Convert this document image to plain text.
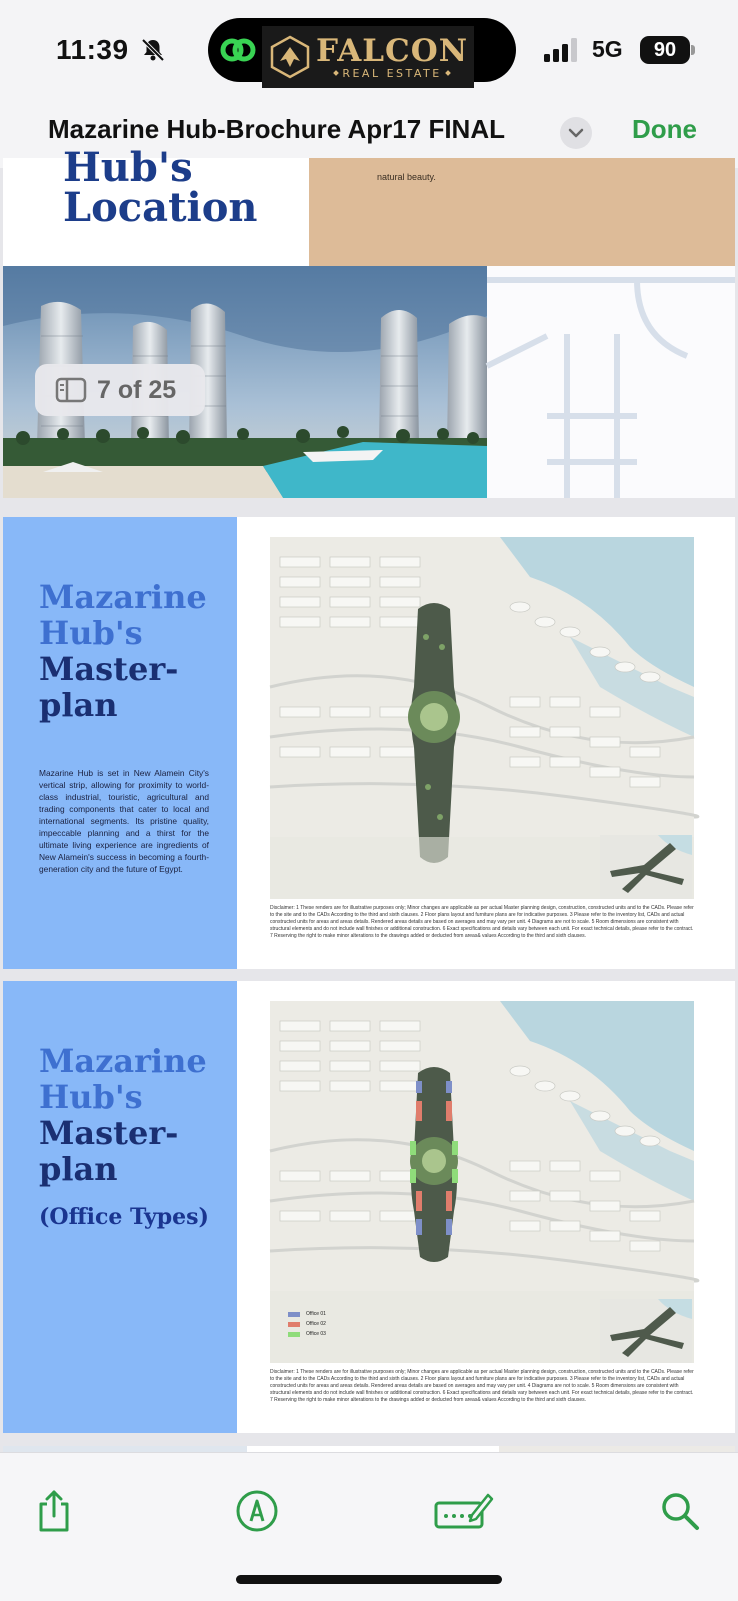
11:39	FALCON
REAL ESTATE
5G 90
Mazarine Hub-Brochure Apr17 FINAL	Done
Hub's
Location
natural beauty.
7 of 25
Mazarine
Hub's
Master-
plan
Mazarine Hub is set in New Alamein City's vertical strip, allowing for proximity to world-class industrial, touristic, agricultural and trading components that cater to local and international segments. Its pristine quality, impeccable planning and a thirst for the ultimate living experience are ingredients of New Alamein's success in becoming a fourth-generation city and the future of Egypt.
Disclaimer: 1 These renders are for illustrative purposes only; Minor changes are applicable as per actual Master planning design, construction, constructed units and to the CADs. Please refer to the site and to the CADs According to the third and sixth clauses. 2 Floor plans layout and furniture plans are for indicative purposes. 3 Please refer to the inventory list, CADs and actual constructed units for areas and areas details. Rendered areas details are based on averages and may vary per unit. 4 Diagrams are not to scale. 5 Room dimensions are consistent with structural elements and do not include wall finishes or additional construction. 6 Exact specifications and details vary between each unit. For exact technical details, please refer to the contract. 7 Reserving the right to make minor alterations to the drawings added or deducted from areas& values According to the third and sixth clauses.
Mazarine
Hub's
Master-
plan
(Office Types)
Office 01
Office 02
Office 03
Disclaimer: 1 These renders are for illustrative purposes only; Minor changes are applicable as per actual Master planning design, construction, constructed units and to the CADs. Please refer to the site and to the CADs According to the third and sixth clauses. 2 Floor plans layout and furniture plans are for indicative purposes. 3 Please refer to the inventory list, CADs and actual constructed units for areas and areas details. Rendered areas details are based on averages and may vary per unit. 4 Diagrams are not to scale. 5 Room dimensions are consistent with structural elements and do not include wall finishes or additional construction. 6 Exact specifications and details vary between each unit. For exact technical details, please refer to the contract. 7 Reserving the right to make minor alterations to the drawings added or deducted from areas& values According to the third and sixth clauses.
